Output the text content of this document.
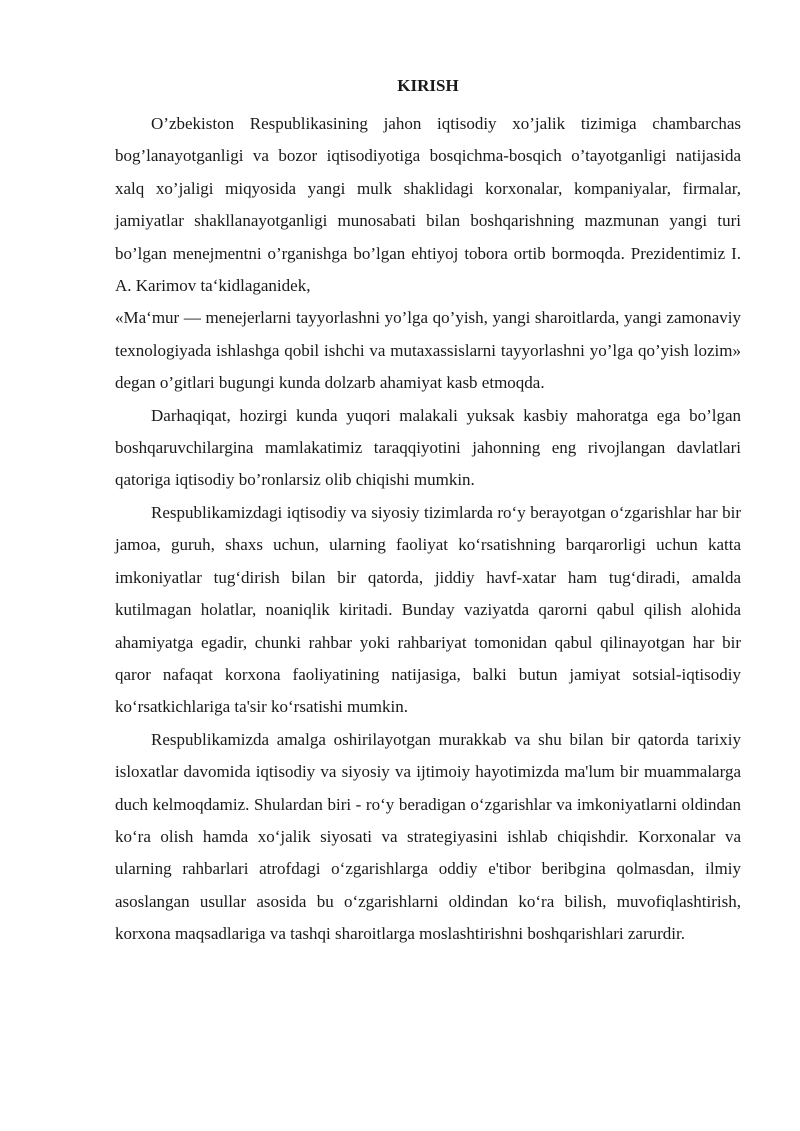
KIRISH

O’zbekiston Respublikasining jahon iqtisodiy xo’jalik tizimiga chambarchas bog’lanayotganligi va bozor iqtisodiyotiga bosqichma-bosqich o’tayotganligi natijasida xalq xo’jaligi miqyosida yangi mulk shaklidagi korxonalar, kompaniyalar, firmalar, jamiyatlar shakllanayotganligi munosabati bilan boshqarishning mazmunan yangi turi bo’lgan menejmentni o’rganishga bo’lgan ehtiyoj tobora ortib bormoqda. Prezidentimiz I. A. Karimov ta‘kidlaganidek,

«Ma‘mur — menejerlarni tayyorlashni yo’lga qo’yish, yangi sharoitlarda, yangi zamonaviy texnologiyada ishlashga qobil ishchi va mutaxassislarni tayyorlashni yo’lga qo’yish lozim» degan o’gitlari bugungi kunda dolzarb ahamiyat kasb etmoqda.

Darhaqiqat, hozirgi kunda yuqori malakali yuksak kasbiy mahoratga ega bo’lgan boshqaruvchilargina mamlakatimiz taraqqiyotini jahonning eng rivojlangan davlatlari qatoriga iqtisodiy bo’ronlarsiz olib chiqishi mumkin.

Respublikamizdagi iqtisodiy va siyosiy tizimlarda ro‘y berayotgan o‘zgarishlar har bir jamoa, guruh, shaxs uchun, ularning faoliyat ko‘rsatishning barqarorligi uchun katta imkoniyatlar tug‘dirish bilan bir qatorda, jiddiy havf-xatar ham tug‘diradi, amalda kutilmagan holatlar, noaniqlik kiritadi. Bunday vaziyatda qarorni qabul qilish alohida ahamiyatga egadir, chunki rahbar yoki rahbariyat tomonidan qabul qilinayotgan har bir qaror nafaqat korxona faoliyatining natijasiga, balki butun jamiyat sotsial-iqtisodiy ko‘rsatkichlariga ta'sir ko‘rsatishi mumkin.

Respublikamizda amalga oshirilayotgan murakkab va shu bilan bir qatorda tarixiy isloxatlar davomida iqtisodiy va siyosiy va ijtimoiy hayotimizda ma'lum bir muammalarga duch kelmoqdamiz. Shulardan biri - ro‘y beradigan o‘zgarishlar va imkoniyatlarni oldindan ko‘ra olish hamda xo‘jalik siyosati va strategiyasini ishlab chiqishdir. Korxonalar va ularning rahbarlari atrofdagi o‘zgarishlarga oddiy e'tibor beribgina qolmasdan, ilmiy asoslangan usullar asosida bu o‘zgarishlarni oldindan ko‘ra bilish, muvofiqlashtirish, korxona maqsadlariga va tashqi sharoitlarga moslashtirishni boshqarishlari zarurdir.
